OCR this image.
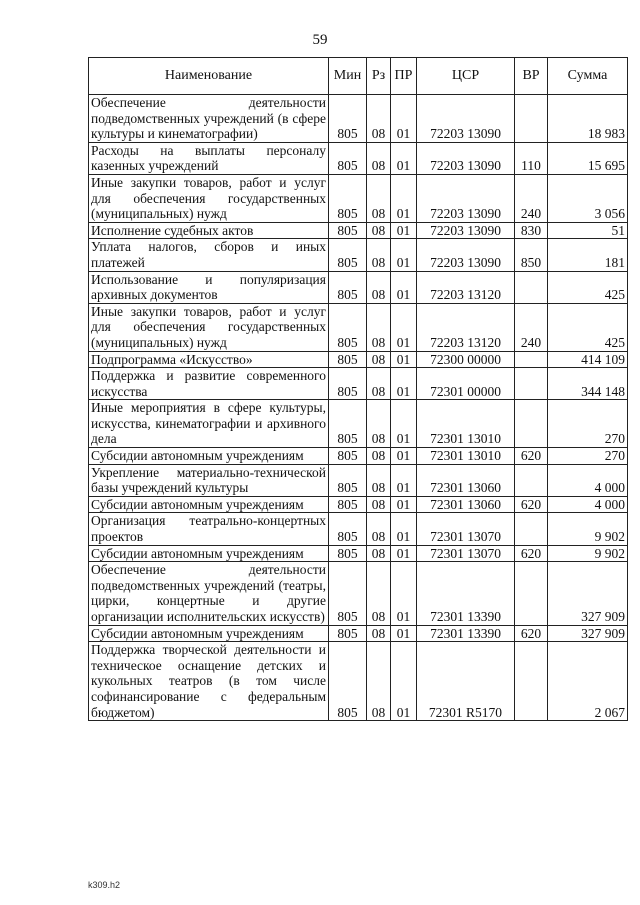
59
Наименование	Мин	Рз	ПР	ЦСР	ВР	Сумма
Обеспечение деятельности подведомственных учреждений (в сфере культуры и кинематографии)	805	08	01	72203 13090		18 983
Расходы на выплаты персоналу казенных учреждений	805	08	01	72203 13090	110	15 695
Иные закупки товаров, работ и услуг для обеспечения государственных (муниципальных) нужд	805	08	01	72203 13090	240	3 056
Исполнение судебных актов	805	08	01	72203 13090	830	51
Уплата налогов, сборов и иных платежей	805	08	01	72203 13090	850	181
Использование и популяризация архивных документов	805	08	01	72203 13120		425
Иные закупки товаров, работ и услуг для обеспечения государственных (муниципальных) нужд	805	08	01	72203 13120	240	425
Подпрограмма «Искусство»	805	08	01	72300 00000		414 109
Поддержка и развитие современного искусства	805	08	01	72301 00000		344 148
Иные мероприятия в сфере культуры, искусства, кинематографии и архивного дела	805	08	01	72301 13010		270
Субсидии автономным учреждениям	805	08	01	72301 13010	620	270
Укрепление материально-технической базы учреждений культуры	805	08	01	72301 13060		4 000
Субсидии автономным учреждениям	805	08	01	72301 13060	620	4 000
Организация театрально-концертных проектов	805	08	01	72301 13070		9 902
Субсидии автономным учреждениям	805	08	01	72301 13070	620	9 902
Обеспечение деятельности подведомственных учреждений (театры, цирки, концертные и другие организации исполнительских искусств)	805	08	01	72301 13390		327 909
Субсидии автономным учреждениям	805	08	01	72301 13390	620	327 909
Поддержка творческой деятельности и техническое оснащение детских и кукольных театров (в том числе софинансирование с федеральным бюджетом)	805	08	01	72301 R5170		2 067
k309.h2
